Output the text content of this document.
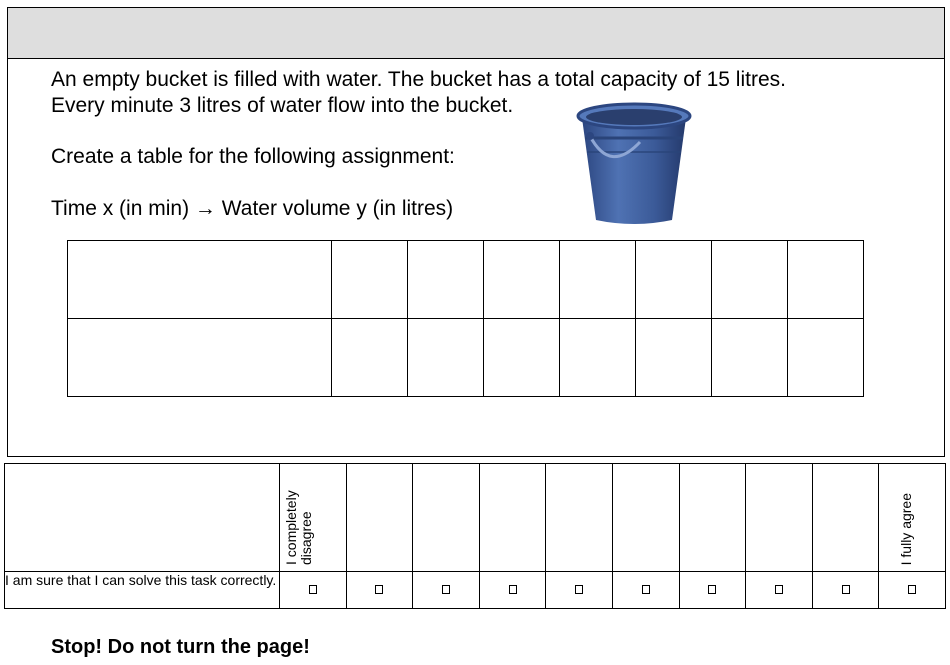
An empty bucket is filled with water. The bucket has a total capacity of 15 litres.
Every minute 3 litres of water flow into the bucket.
Create a table for the following assignment:
Time x (in min) → Water volume y (in litres)

	I completely disagree									I fully agree

I am sure that I can solve this task correctly.										
Stop! Do not turn the page!
